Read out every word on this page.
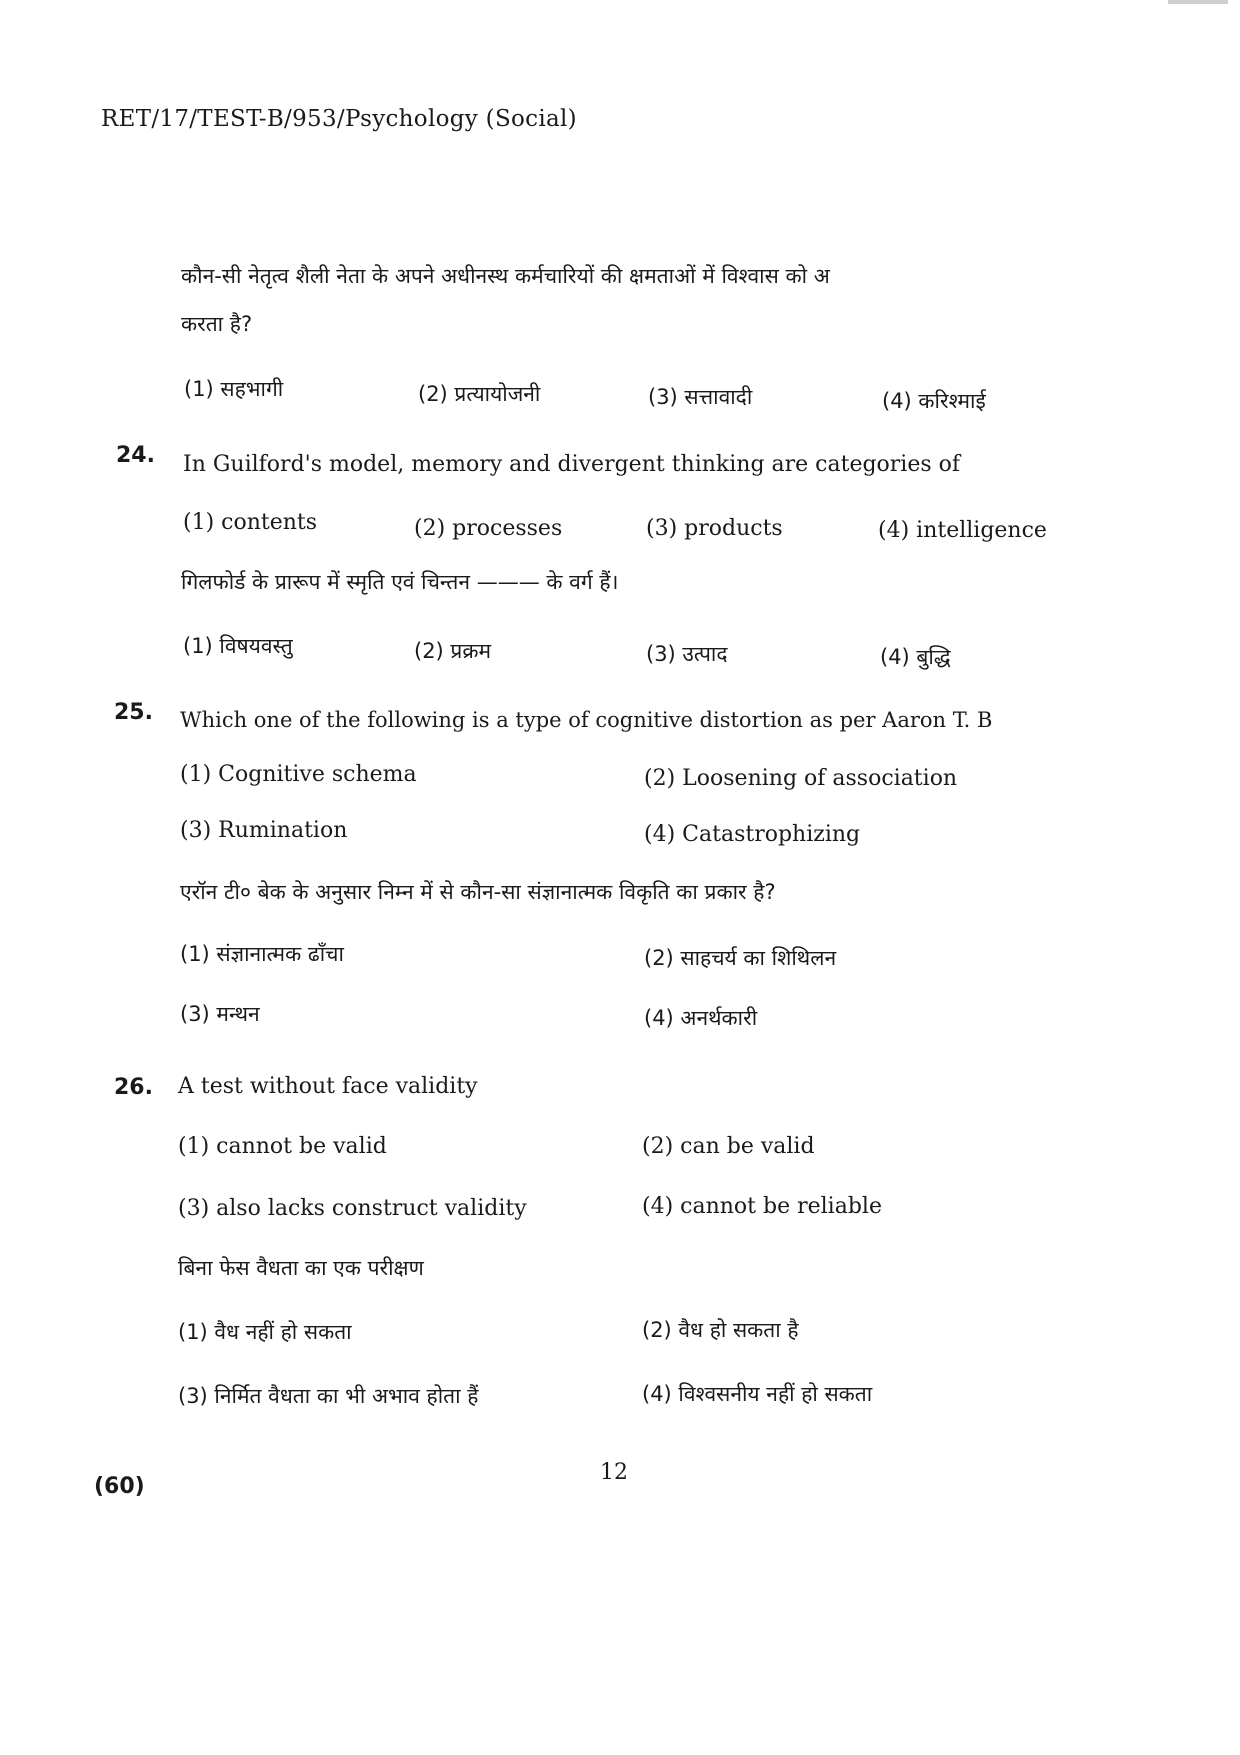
RET/17/TEST-B/953/Psychology (Social)
कौन-सी नेतृत्व शैली नेता के अपने अधीनस्थ कर्मचारियों की क्षमताओं में विश्वास को अ
करता है?
(1) सहभागी	(2) प्रत्यायोजनी	(3) सत्तावादी	(4) करिश्माई
24. In Guilford's model, memory and divergent thinking are categories of
(1) contents	(2) processes	(3) products	(4) intelligence
गिलफोर्ड के प्रारूप में स्मृति एवं चिन्तन ——— के वर्ग हैं।
(1) विषयवस्तु	(2) प्रक्रम	(3) उत्पाद	(4) बुद्धि
25. Which one of the following is a type of cognitive distortion as per Aaron T. B
(1) Cognitive schema	(2) Loosening of association
(3) Rumination	(4) Catastrophizing
एरॉन टी० बेक के अनुसार निम्न में से कौन-सा संज्ञानात्मक विकृति का प्रकार है?
(1) संज्ञानात्मक ढाँचा	(2) साहचर्य का शिथिलन
(3) मन्थन	(4) अनर्थकारी
26. A test without face validity
(1) cannot be valid	(2) can be valid
(3) also lacks construct validity	(4) cannot be reliable
बिना फेस वैधता का एक परीक्षण
(1) वैध नहीं हो सकता	(2) वैध हो सकता है
(3) निर्मित वैधता का भी अभाव होता हैं	(4) विश्वसनीय नहीं हो सकता
(60)
12
